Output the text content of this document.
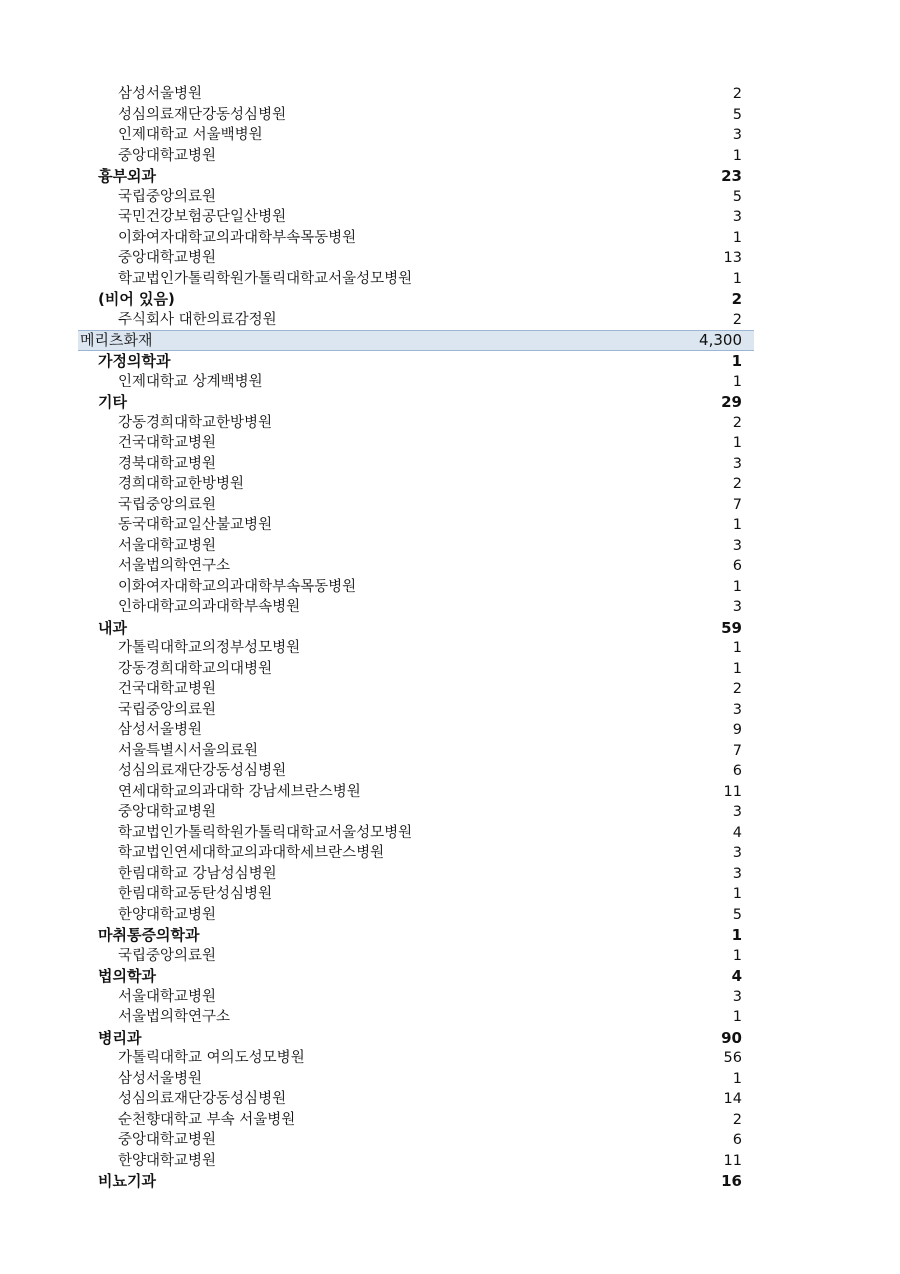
삼성서울병원	2
성심의료재단강동성심병원	5
인제대학교 서울백병원	3
중앙대학교병원	1
흉부외과	23
국립중앙의료원	5
국민건강보험공단일산병원	3
이화여자대학교의과대학부속목동병원	1
중앙대학교병원	13
학교법인가톨릭학원가톨릭대학교서울성모병원	1
(비어 있음)	2
주식회사 대한의료감정원	2
메리츠화재	4,300
가정의학과	1
인제대학교 상계백병원	1
기타	29
강동경희대학교한방병원	2
건국대학교병원	1
경북대학교병원	3
경희대학교한방병원	2
국립중앙의료원	7
동국대학교일산불교병원	1
서울대학교병원	3
서울법의학연구소	6
이화여자대학교의과대학부속목동병원	1
인하대학교의과대학부속병원	3
내과	59
가톨릭대학교의정부성모병원	1
강동경희대학교의대병원	1
건국대학교병원	2
국립중앙의료원	3
삼성서울병원	9
서울특별시서울의료원	7
성심의료재단강동성심병원	6
연세대학교의과대학 강남세브란스병원	11
중앙대학교병원	3
학교법인가톨릭학원가톨릭대학교서울성모병원	4
학교법인연세대학교의과대학세브란스병원	3
한림대학교 강남성심병원	3
한림대학교동탄성심병원	1
한양대학교병원	5
마취통증의학과	1
국립중앙의료원	1
법의학과	4
서울대학교병원	3
서울법의학연구소	1
병리과	90
가톨릭대학교 여의도성모병원	56
삼성서울병원	1
성심의료재단강동성심병원	14
순천향대학교 부속 서울병원	2
중앙대학교병원	6
한양대학교병원	11
비뇨기과	16
